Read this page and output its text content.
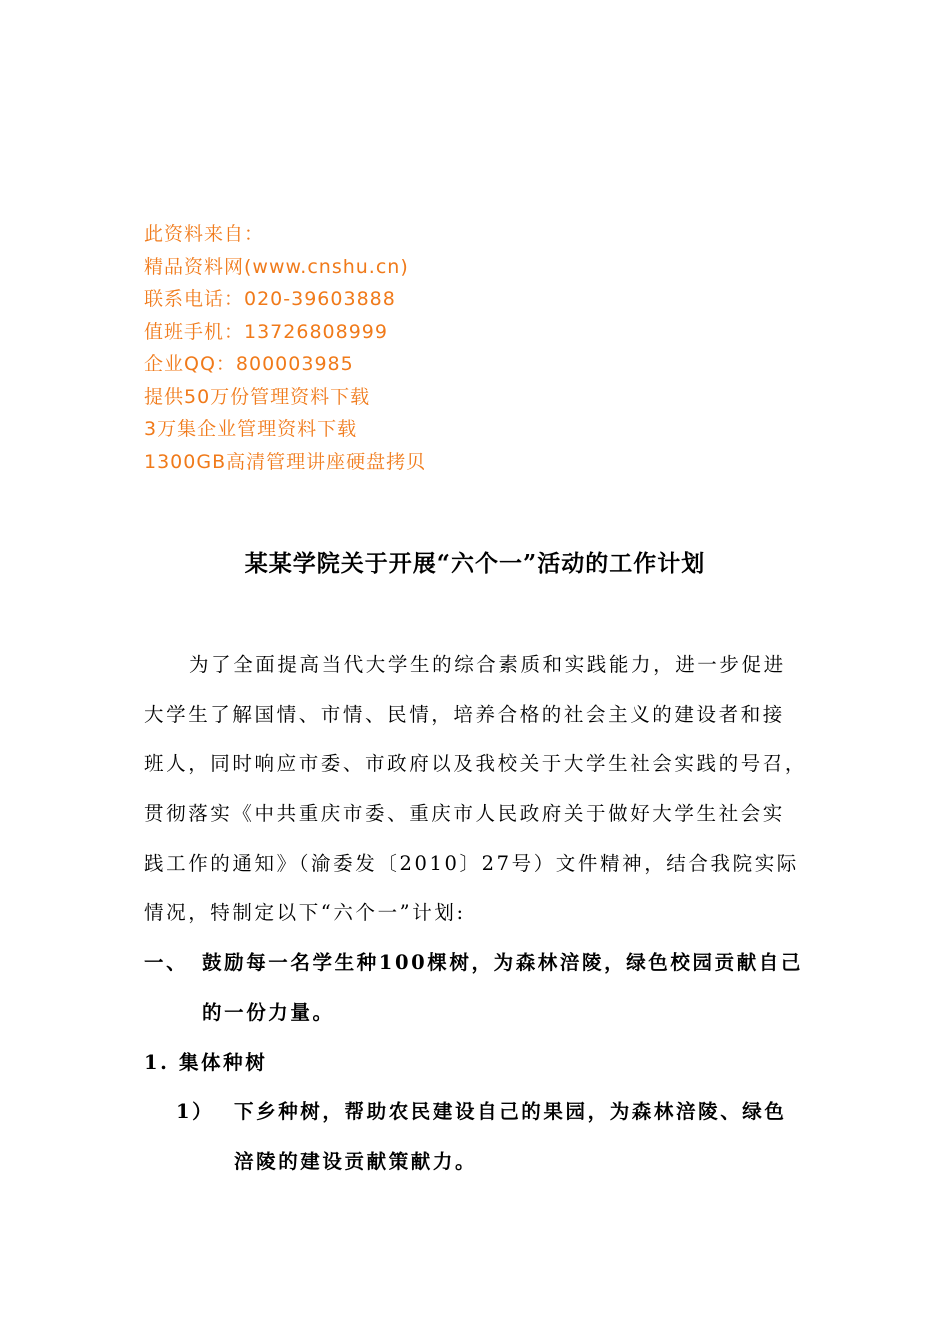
此资料来自：
精品资料网(www.cnshu.cn)
联系电话：020-39603888
值班手机：13726808999
企业QQ：800003985
提供50万份管理资料下载
3万集企业管理资料下载
1300GB高清管理讲座硬盘拷贝
某某学院关于开展“六个一”活动的工作计划
为了全面提高当代大学生的综合素质和实践能力，进一步促进
大学生了解国情、市情、民情，培养合格的社会主义的建设者和接
班人，同时响应市委、市政府以及我校关于大学生社会实践的号召，
贯彻落实《中共重庆市委、重庆市人民政府关于做好大学生社会实
践工作的通知》（渝委发〔2010〕27号）文件精神，结合我院实际
情况，特制定以下“六个一”计划:
一、 鼓励每一名学生种100棵树，为森林涪陵，绿色校园贡献自己
的一份力量。
1. 集体种树
1）	下乡种树，帮助农民建设自己的果园，为森林涪陵、绿色
涪陵的建设贡献策献力。
